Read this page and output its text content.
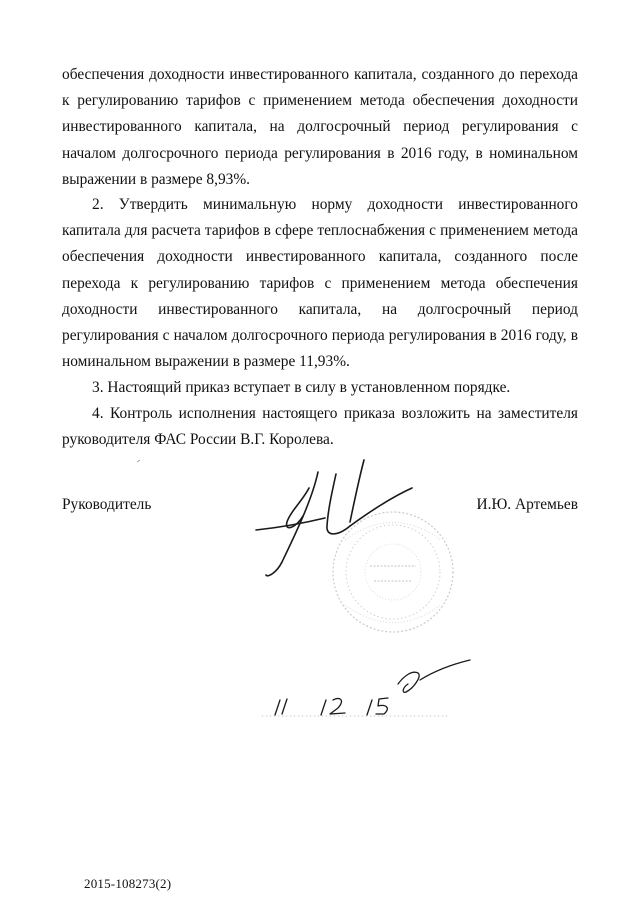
обеспечения доходности инвестированного капитала, созданного до перехода к регулированию тарифов с применением метода обеспечения доходности инвестированного капитала, на долгосрочный период регулирования с началом долгосрочного периода регулирования в 2016 году, в номинальном выражении в размере 8,93%.

2. Утвердить минимальную норму доходности инвестированного капитала для расчета тарифов в сфере теплоснабжения с применением метода обеспечения доходности инвестированного капитала, созданного после перехода к регулированию тарифов с применением метода обеспечения доходности инвестированного капитала, на долгосрочный период регулирования с началом долгосрочного периода регулирования в 2016 году, в номинальном выражении в размере 11,93%.

3. Настоящий приказ вступает в силу в установленном порядке.

4. Контроль исполнения настоящего приказа возложить на заместителя руководителя ФАС России В.Г. Королева.

Руководитель	И.Ю. Артемьев
2015-108273(2)
